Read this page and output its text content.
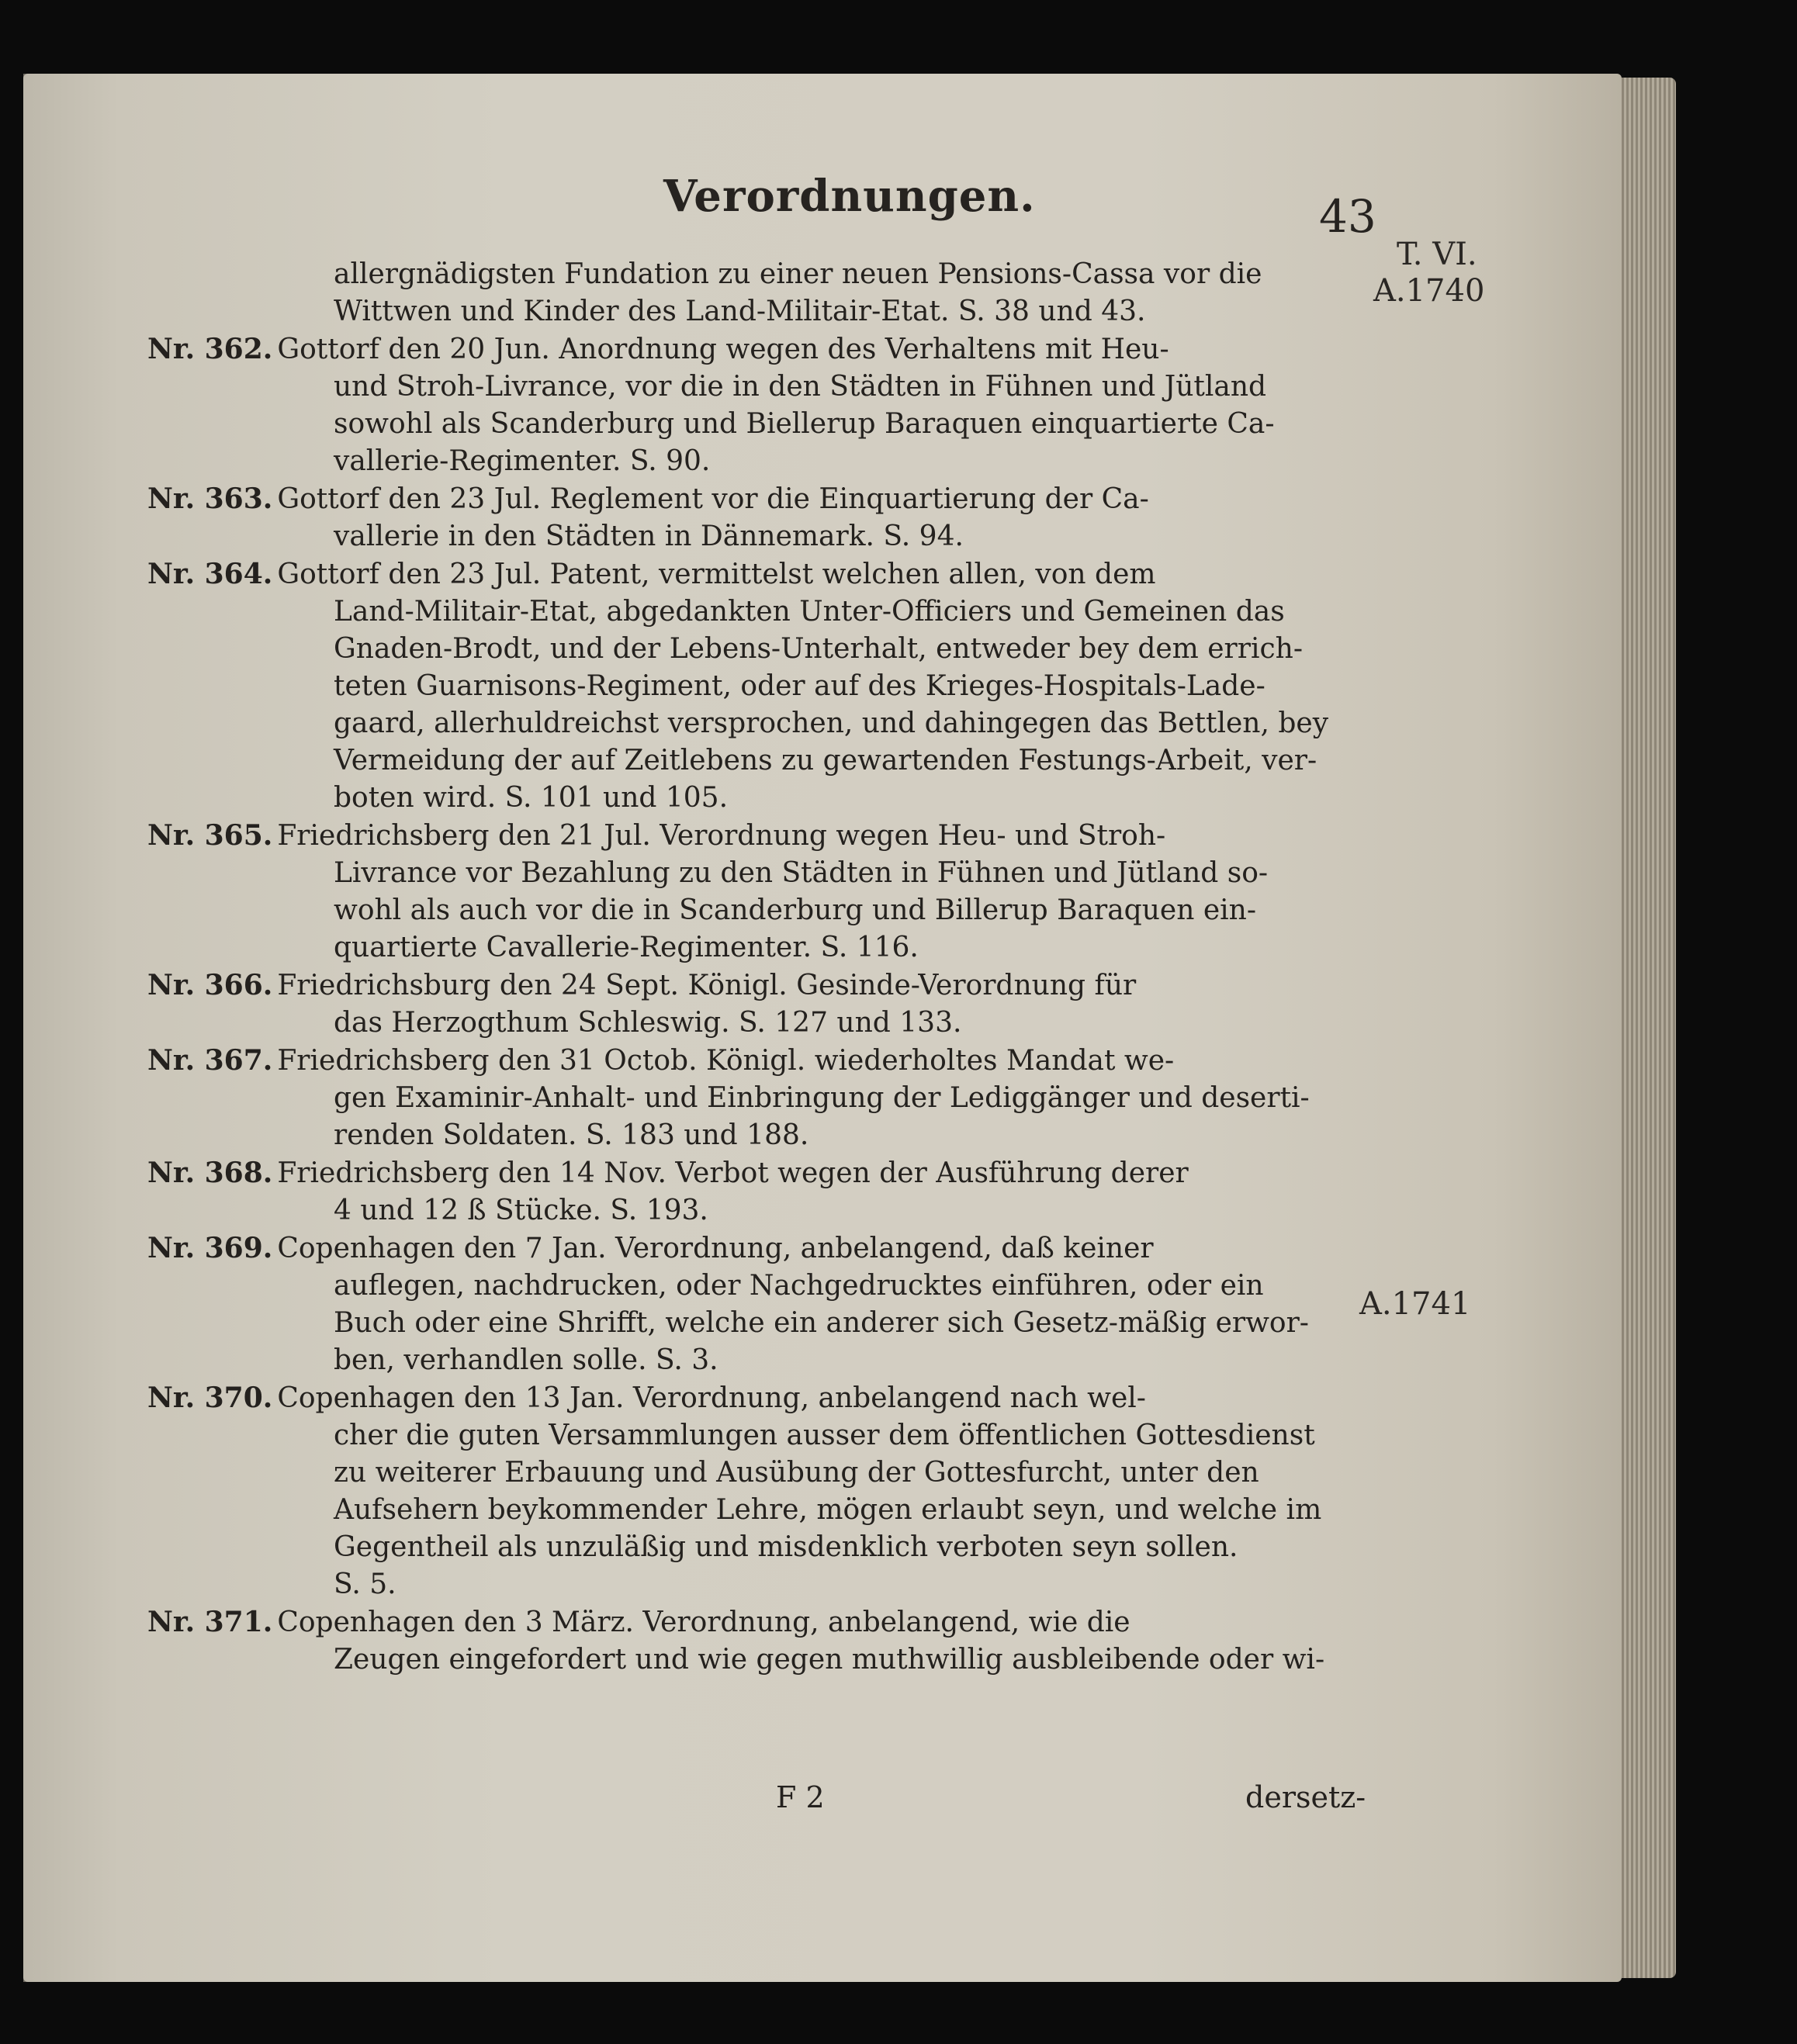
Verordnungen.	43
T. VI.
A.1740
A.1741
allergnädigsten Fundation zu einer neuen Pensions-Cassa vor die
Wittwen und Kinder des Land-Militair-Etat. S. 38 und 43.
Nr. 362. Gottorf den 20 Jun. Anordnung wegen des Verhaltens mit Heu-
und Stroh-Livrance, vor die in den Städten in Fühnen und Jütland
sowohl als Scanderburg und Biellerup Baraquen einquartierte Ca-
vallerie-Regimenter. S. 90.
Nr. 363. Gottorf den 23 Jul. Reglement vor die Einquartierung der Ca-
vallerie in den Städten in Dännemark. S. 94.
Nr. 364. Gottorf den 23 Jul. Patent, vermittelst welchen allen, von dem
Land-Militair-Etat, abgedankten Unter-Officiers und Gemeinen das
Gnaden-Brodt, und der Lebens-Unterhalt, entweder bey dem errich-
teten Guarnisons-Regiment, oder auf des Krieges-Hospitals-Lade-
gaard, allerhuldreichst versprochen, und dahingegen das Bettlen, bey
Vermeidung der auf Zeitlebens zu gewartenden Festungs-Arbeit, ver-
boten wird. S. 101 und 105.
Nr. 365. Friedrichsberg den 21 Jul. Verordnung wegen Heu- und Stroh-
Livrance vor Bezahlung zu den Städten in Fühnen und Jütland so-
wohl als auch vor die in Scanderburg und Billerup Baraquen ein-
quartierte Cavallerie-Regimenter. S. 116.
Nr. 366. Friedrichsburg den 24 Sept. Königl. Gesinde-Verordnung für
das Herzogthum Schleswig. S. 127 und 133.
Nr. 367. Friedrichsberg den 31 Octob. Königl. wiederholtes Mandat we-
gen Examinir-Anhalt- und Einbringung der Lediggänger und deserti-
renden Soldaten. S. 183 und 188.
Nr. 368. Friedrichsberg den 14 Nov. Verbot wegen der Ausführung derer
4 und 12 ß Stücke. S. 193.
Nr. 369. Copenhagen den 7 Jan. Verordnung, anbelangend, daß keiner
auflegen, nachdrucken, oder Nachgedrucktes einführen, oder ein
Buch oder eine Shrifft, welche ein anderer sich Gesetz-mäßig erwor-
ben, verhandlen solle. S. 3.
Nr. 370. Copenhagen den 13 Jan. Verordnung, anbelangend nach wel-
cher die guten Versammlungen ausser dem öffentlichen Gottesdienst
zu weiterer Erbauung und Ausübung der Gottesfurcht, unter den
Aufsehern beykommender Lehre, mögen erlaubt seyn, und welche im
Gegentheil als unzuläßig und misdenklich verboten seyn sollen.
S. 5.
Nr. 371. Copenhagen den 3 März. Verordnung, anbelangend, wie die
Zeugen eingefordert und wie gegen muthwillig ausbleibende oder wi-
F 2	dersetz-
